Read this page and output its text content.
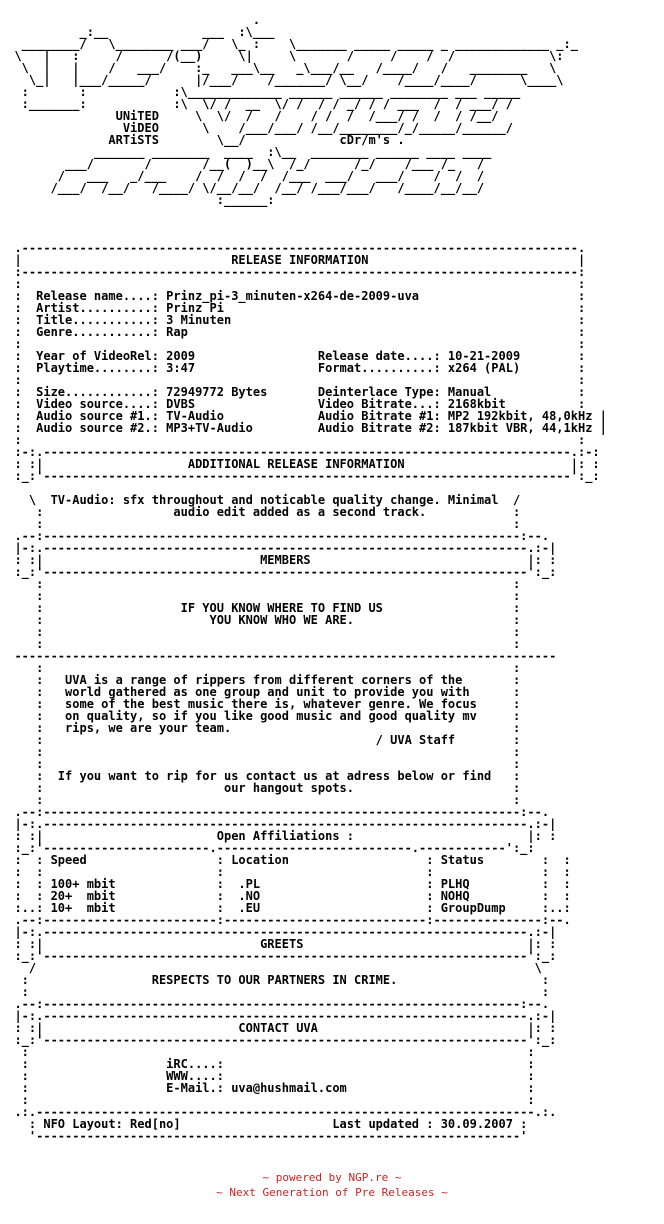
.
_:__             ___  :\___
________/   \________ ___/   \_ :    \_______ _____ _____ _ _____________ _:_
\   |   :     /      /(__)     \|     \       /     /    /  /             \:
\  |   |    /   ___/    :_   ___\__   _\___/__   /____/   /   ________   \
\_|   |___/_____/      |/___/    /_______/ \__/    /____/____/      \____\
:       :            :\_____________ ______ ______ ________ ___ _____
:_______:            :\  \/ /  __  \/ /  / / _/ / / ___  /  / ___/ /
UNiTED     \  \/  /   /    / /  /  /___/ /  /  / /__/
ViDEO      \    /___/___/ /__/________/_/_____/______/
ARTiSTS        \__/             cDr/m's .
_______ ________  ____  :\__  ________ ______ ____ ____
___/       /       /__(  )__\  /_/      /_/    /___ /_   /
/   ___   _/___    /  /  /  /  /___  ___/   ___/    /  /  /
/___/  /__/   /____/ \/__/__/  /__/ /___/___/   /____/__/__/
:______:
.-----------------------------------------------------------------------------.
|                             RELEASE INFORMATION                             |
:-----------------------------------------------------------------------------:
:                                                                             :
:  Release name....: Prinz_pi-3_minuten-x264-de-2009-uva                      :
:  Artist..........: Prinz Pi                                                 :
:  Title...........: 3 Minuten                                                :
:  Genre...........: Rap                                                      :
:                                                                             :
:  Year of VideoRel: 2009                 Release date....: 10-21-2009        :
:  Playtime........: 3:47                 Format..........: x264 (PAL)        :
:                                                                             :
:  Size............: 72949772 Bytes       Deinterlace Type: Manual            :
:  Video source....: DVBS                 Video Bitrate...: 2168kbit          :
:  Audio source #1.: TV-Audio             Audio Bitrate #1: MP2 192kbit, 48,0kHz |
:  Audio source #2.: MP3+TV-Audio         Audio Bitrate #2: 187kbit VBR, 44,1kHz |
:                                                                             :
:-:.-------------------------------------------------------------------------.:-:
: :|                    ADDITIONAL RELEASE INFORMATION                       |: :
:_:'-------------------------------------------------------------------------':_:
\  TV-Audio: sfx throughout and noticable quality change. Minimal  /
:                  audio edit added as a second track.            :
:                                                                 :
.--:------------------------------------------------------------------:--.
|-:.-------------------------------------------------------------------.:-|
: :|                              MEMBERS                              |: :
:_:'-------------------------------------------------------------------':_:
:                                                                 :
:                                                                 :
:                   IF YOU KNOW WHERE TO FIND US                  :
:                       YOU KNOW WHO WE ARE.                      :
:                                                                 :
:                                                                 :
---------------------------------------------------------------------------
:                                                                 :
:   UVA is a range of rippers from different corners of the       :
:   world gathered as one group and unit to provide you with      :
:   some of the best music there is, whatever genre. We focus     :
:   on quality, so if you like good music and good quality mv     :
:   rips, we are your team.                                       :
:                                              / UVA Staff        :
:                                                                 :
:                                                                 :
:  If you want to rip for us contact us at adress below or find   :
:                         our hangout spots.                      :
:                                                                 :
.--:------------------------------------------------------------------:--.
|-:.-------------------------------------------------------------------.:-|
: :|                        Open Affiliations :                        |: :
:_:'-----------------------.---------------------------.------------':_:
:  : Speed                  : Location                   : Status        :  :
:  :                        :                            :               :  :
:  : 100+ mbit              :  .PL                       : PLHQ          :  :
:  : 20+  mbit              :  .NO                       : NOHQ          :  :
:..: 10+  mbit              :  .EU                       : GroupDump     :..:
.--:------------------------:----------------------------:---------------:--.
|-:.-------------------------------------------------------------------.:-|
: :|                              GREETS                               |: :
:_:'-------------------------------------------------------------------':_:
/                                                                     \
:                 RESPECTS TO OUR PARTNERS IN CRIME.                    :
:                                                                       :
.--:------------------------------------------------------------------:--.
|-:.-------------------------------------------------------------------.:-|
: :|                           CONTACT UVA                             |: :
:_:'-------------------------------------------------------------------':_:
:                                                                     :
:                   iRC....:                                          :
:                   WWW....:                                          :
:                   E-Mail.: uva@hushmail.com                         :
:                                                                     :
.:.---------------------------------------------------------------------.:.
: NFO Layout: Red[no]                     Last updated : 30.09.2007 :
'-------------------------------------------------------------------'
~ powered by NGP.re ~
~ Next Generation of Pre Releases ~
